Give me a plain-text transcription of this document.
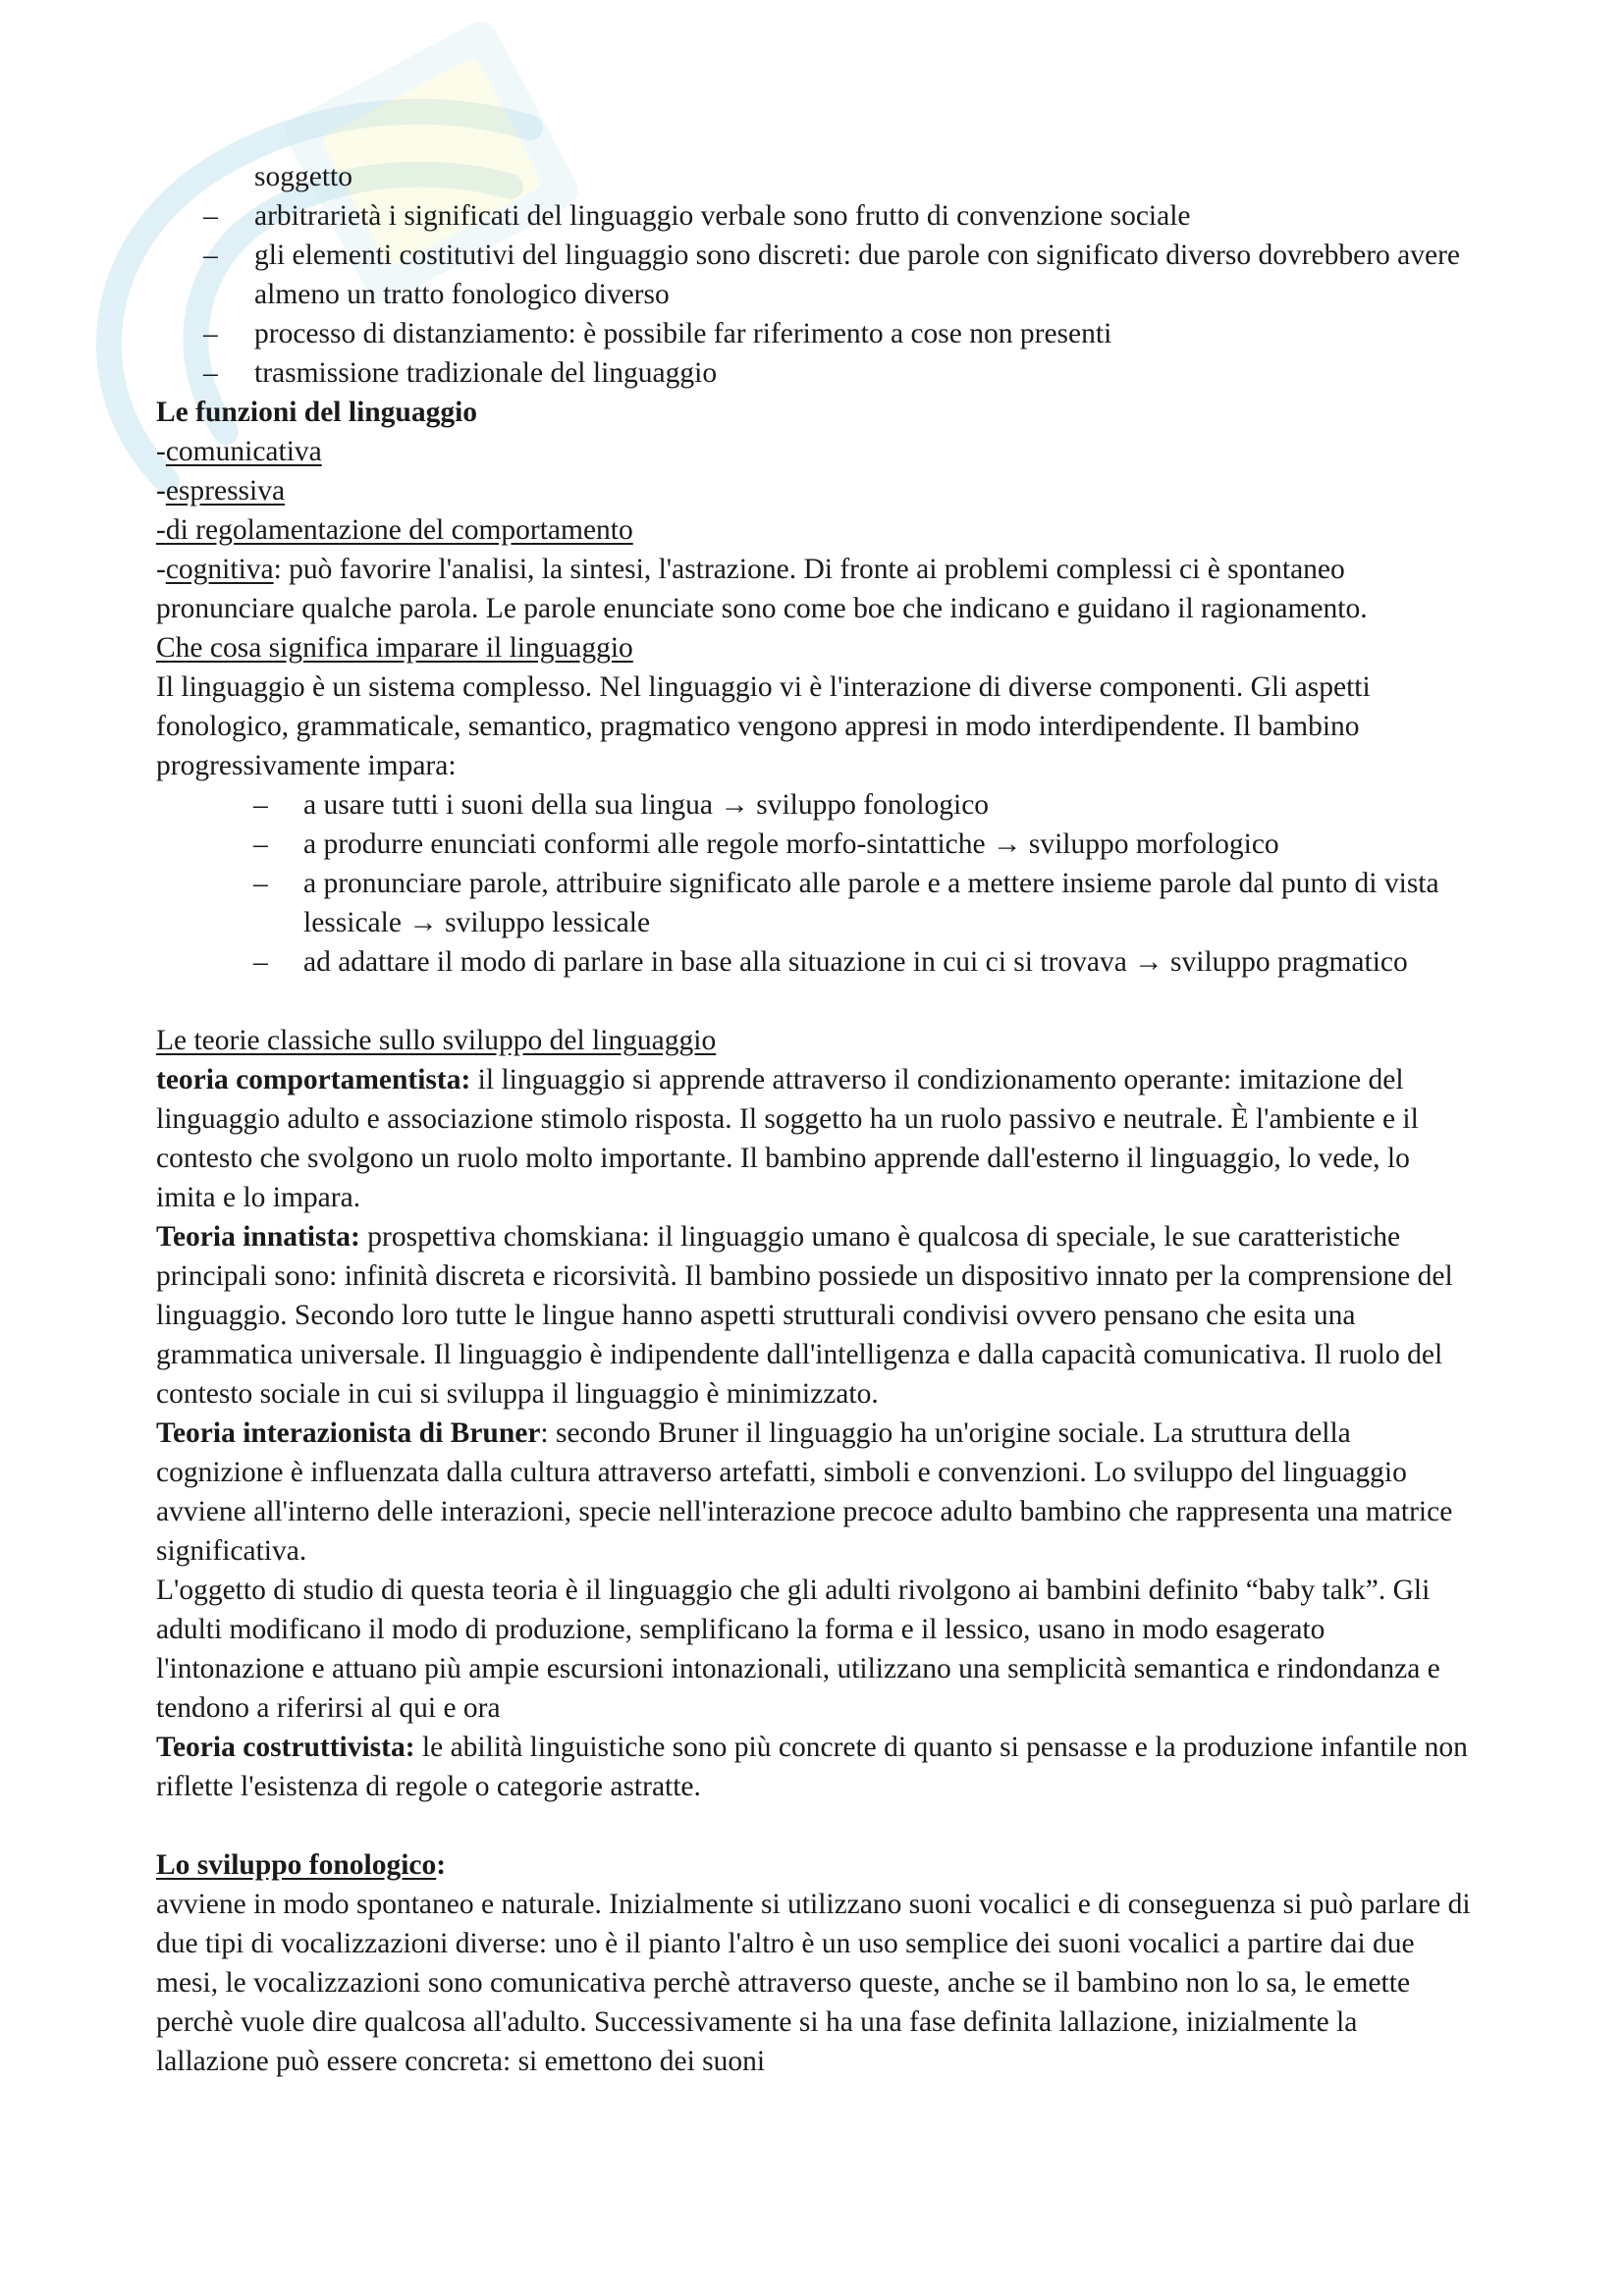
soggetto
– arbitrarietà i significati del linguaggio verbale sono frutto di convenzione sociale
– gli elementi costitutivi del linguaggio sono discreti: due parole con significato diverso dovrebbero avere almeno un tratto fonologico diverso
– processo di distanziamento: è possibile far riferimento a cose non presenti
– trasmissione tradizionale del linguaggio

Le funzioni del linguaggio

-comunicativa

-espressiva

-di regolamentazione del comportamento

-cognitiva: può favorire l'analisi, la sintesi, l'astrazione. Di fronte ai problemi complessi ci è spontaneo pronunciare qualche parola. Le parole enunciate sono come boe che indicano e guidano il ragionamento.

Che cosa significa imparare il linguaggio

Il linguaggio è un sistema complesso. Nel linguaggio vi è l'interazione di diverse componenti. Gli aspetti fonologico, grammaticale, semantico, pragmatico vengono appresi in modo interdipendente. Il bambino progressivamente impara:

– a usare tutti i suoni della sua lingua → sviluppo fonologico
– a produrre enunciati conformi alle regole morfo-sintattiche → sviluppo morfologico
– a pronunciare parole, attribuire significato alle parole e a mettere insieme parole dal punto di vista lessicale → sviluppo lessicale
– ad adattare il modo di parlare in base alla situazione in cui ci si trovava → sviluppo pragmatico

Le teorie classiche sullo sviluppo del linguaggio

teoria comportamentista: il linguaggio si apprende attraverso il condizionamento operante: imitazione del linguaggio adulto e associazione stimolo risposta. Il soggetto ha un ruolo passivo e neutrale. È l'ambiente e il contesto che svolgono un ruolo molto importante. Il bambino apprende dall'esterno il linguaggio, lo vede, lo imita e lo impara.

Teoria innatista: prospettiva chomskiana: il linguaggio umano è qualcosa di speciale, le sue caratteristiche principali sono: infinità discreta e ricorsività. Il bambino possiede un dispositivo innato per la comprensione del linguaggio. Secondo loro tutte le lingue hanno aspetti strutturali condivisi ovvero pensano che esita una grammatica universale. Il linguaggio è indipendente dall'intelligenza e dalla capacità comunicativa. Il ruolo del contesto sociale in cui si sviluppa il linguaggio è minimizzato.

Teoria interazionista di Bruner: secondo Bruner il linguaggio ha un'origine sociale. La struttura della cognizione è influenzata dalla cultura attraverso artefatti, simboli e convenzioni. Lo sviluppo del linguaggio avviene all'interno delle interazioni, specie nell'interazione precoce adulto bambino che rappresenta una matrice significativa.

L'oggetto di studio di questa teoria è il linguaggio che gli adulti rivolgono ai bambini definito “baby talk”. Gli adulti modificano il modo di produzione, semplificano la forma e il lessico, usano in modo esagerato l'intonazione e attuano più ampie escursioni intonazionali, utilizzano una semplicità semantica e rindondanza e tendono a riferirsi al qui e ora

Teoria costruttivista: le abilità linguistiche sono più concrete di quanto si pensasse e la produzione infantile non riflette l'esistenza di regole o categorie astratte.

Lo sviluppo fonologico:

avviene in modo spontaneo e naturale. Inizialmente si utilizzano suoni vocalici e di conseguenza si può parlare di due tipi di vocalizzazioni diverse: uno è il pianto l'altro è un uso semplice dei suoni vocalici a partire dai due mesi, le vocalizzazioni sono comunicativa perchè attraverso queste, anche se il bambino non lo sa, le emette perchè vuole dire qualcosa all'adulto. Successivamente si ha una fase definita lallazione, inizialmente la lallazione può essere concreta: si emettono dei suoni
